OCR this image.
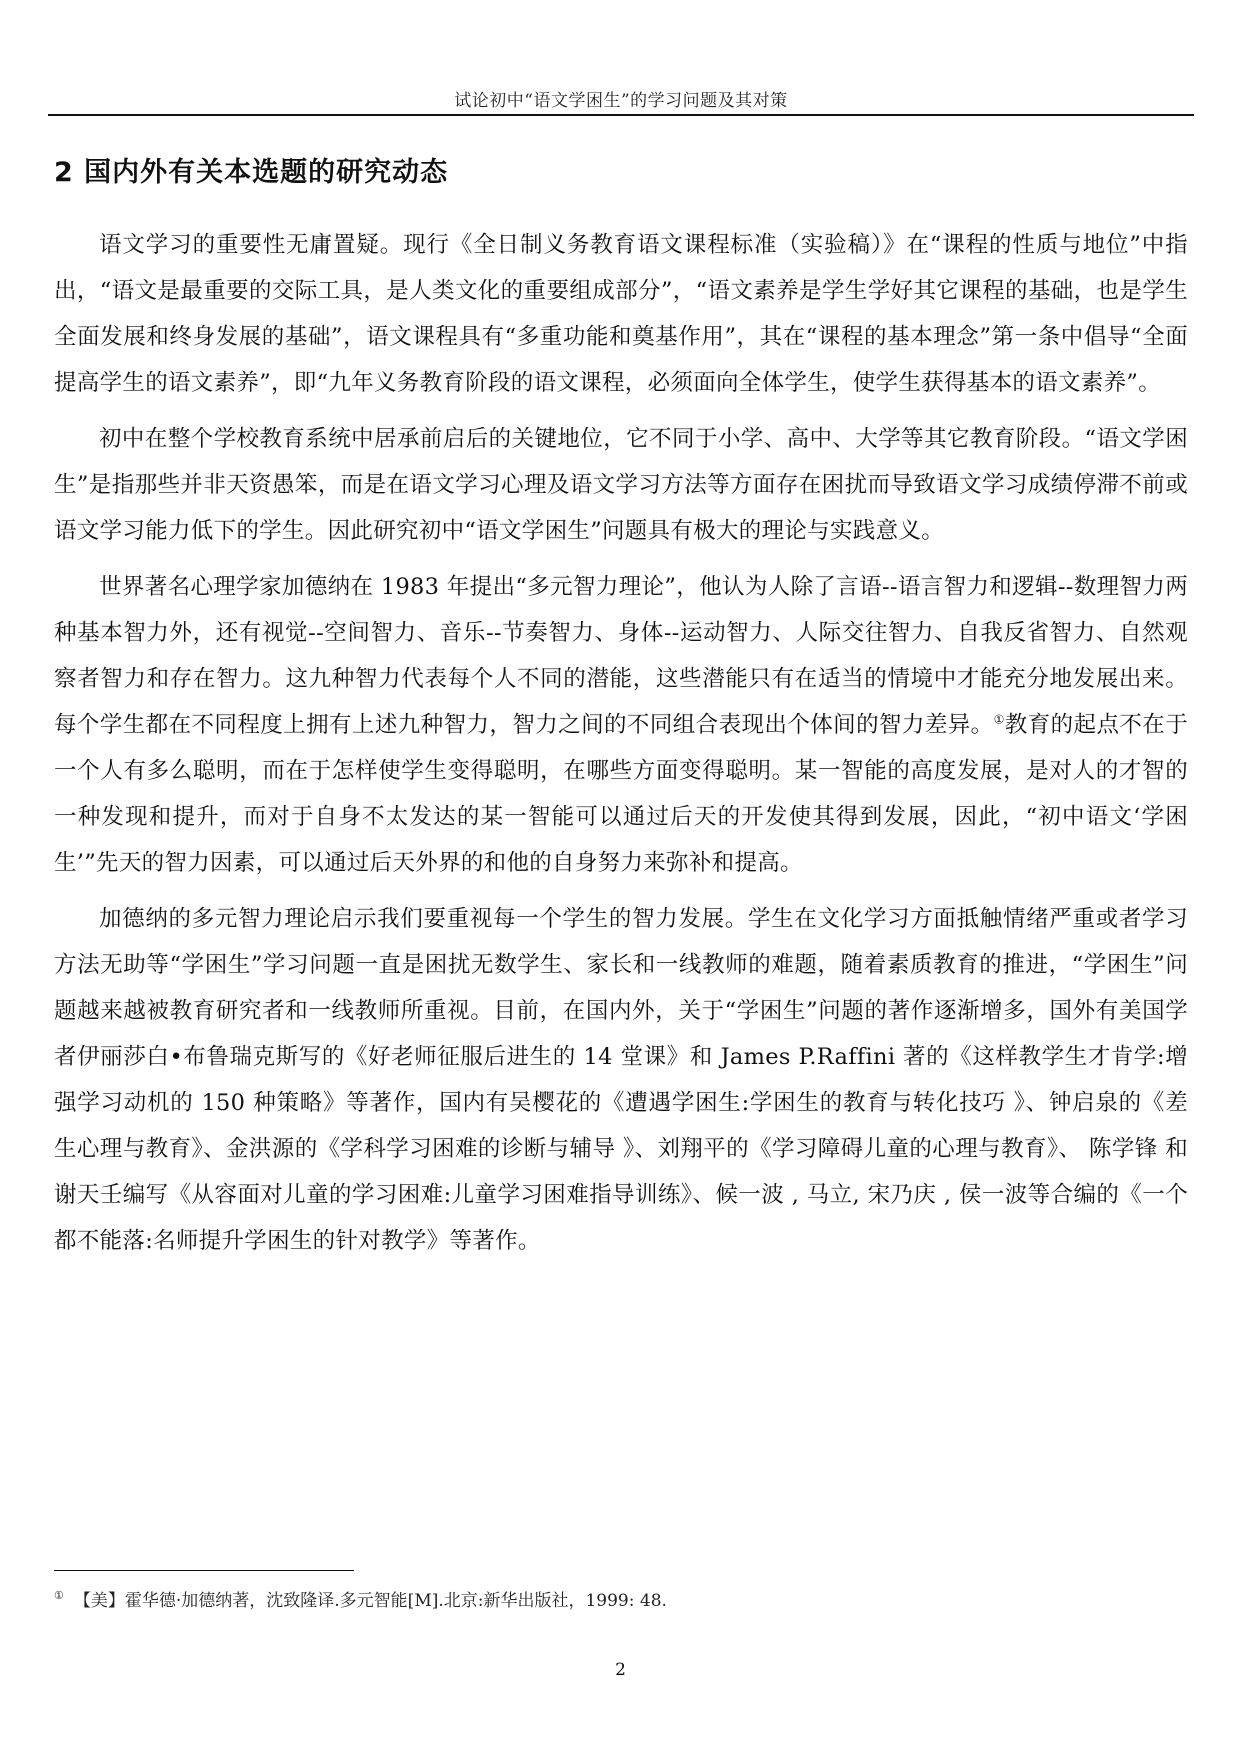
试论初中“语文学困生”的学习问题及其对策
2 国内外有关本选题的研究动态

语文学习的重要性无庸置疑。现行《全日制义务教育语文课程标准（实验稿）》在“课程的性质与地位”中指出，“语文是最重要的交际工具，是人类文化的重要组成部分”，“语文素养是学生学好其它课程的基础，也是学生全面发展和终身发展的基础”，语文课程具有“多重功能和奠基作用”，其在“课程的基本理念”第一条中倡导“全面提高学生的语文素养”，即“九年义务教育阶段的语文课程，必须面向全体学生，使学生获得基本的语文素养”。

初中在整个学校教育系统中居承前启后的关键地位，它不同于小学、高中、大学等其它教育阶段。“语文学困生”是指那些并非天资愚笨，而是在语文学习心理及语文学习方法等方面存在困扰而导致语文学习成绩停滞不前或语文学习能力低下的学生。因此研究初中“语文学困生”问题具有极大的理论与实践意义。

世界著名心理学家加德纳在 1983 年提出“多元智力理论”，他认为人除了言语--语言智力和逻辑--数理智力两种基本智力外，还有视觉--空间智力、音乐--节奏智力、身体--运动智力、人际交往智力、自我反省智力、自然观察者智力和存在智力。这九种智力代表每个人不同的潜能，这些潜能只有在适当的情境中才能充分地发展出来。每个学生都在不同程度上拥有上述九种智力，智力之间的不同组合表现出个体间的智力差异。①教育的起点不在于一个人有多么聪明，而在于怎样使学生变得聪明，在哪些方面变得聪明。某一智能的高度发展，是对人的才智的一种发现和提升，而对于自身不太发达的某一智能可以通过后天的开发使其得到发展，因此，“初中语文‘学困生’”先天的智力因素，可以通过后天外界的和他的自身努力来弥补和提高。

加德纳的多元智力理论启示我们要重视每一个学生的智力发展。学生在文化学习方面抵触情绪严重或者学习方法无助等“学困生”学习问题一直是困扰无数学生、家长和一线教师的难题，随着素质教育的推进，“学困生”问题越来越被教育研究者和一线教师所重视。目前，在国内外，关于“学困生”问题的著作逐渐增多，国外有美国学者伊丽莎白•布鲁瑞克斯写的《好老师征服后进生的 14 堂课》和 James P.Raffini 著的《这样教学生才肯学:增强学习动机的 150 种策略》等著作，国内有吴樱花的《遭遇学困生:学困生的教育与转化技巧 》、钟启泉的《差生心理与教育》、金洪源的《学科学习困难的诊断与辅导 》、刘翔平的《学习障碍儿童的心理与教育》、 陈学锋 和谢天壬编写《从容面对儿童的学习困难:儿童学习困难指导训练》、候一波 , 马立, 宋乃庆 , 侯一波等合编的《一个都不能落:名师提升学困生的针对教学》等著作。

① 【美】霍华德·加德纳著，沈致隆译.多元智能[M].北京:新华出版社，1999: 48.
2
